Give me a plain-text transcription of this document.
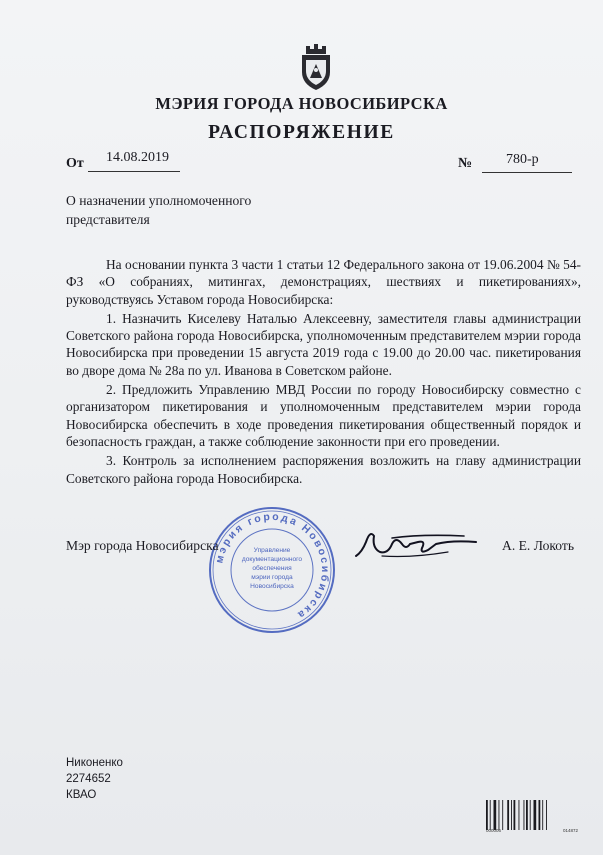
МЭРИЯ ГОРОДА НОВОСИБИРСКА
РАСПОРЯЖЕНИЕ
От 14.08.2019	№ 780-р
О назначении уполномоченного представителя

На основании пункта 3 части 1 статьи 12 Федерального закона от 19.06.2004 № 54-ФЗ «О собраниях, митингах, демонстрациях, шествиях и пикетированиях», руководствуясь Уставом города Новосибирска:

1. Назначить Киселеву Наталью Алексеевну, заместителя главы администрации Советского района города Новосибирска, уполномоченным представителем мэрии города Новосибирска при проведении 15 августа 2019 года с 19.00 до 20.00 час. пикетирования во дворе дома № 28а по ул. Иванова в Советском районе.

2. Предложить Управлению МВД России по городу Новосибирску совместно с организатором пикетирования и уполномоченным представителем мэрии города Новосибирска обеспечить в ходе проведения пикетирования общественный порядок и безопасность граждан, а также соблюдение законности при его проведении.

3. Контроль за исполнением распоряжения возложить на главу администрации Советского района города Новосибирска.

мэрия города Новосибирска
Управление
документационного
обеспечения
мэрии города
Новосибирска
Мэр города Новосибирска	А. Е. Локоть
Никоненко
2274652
КВАО
000006	014872
